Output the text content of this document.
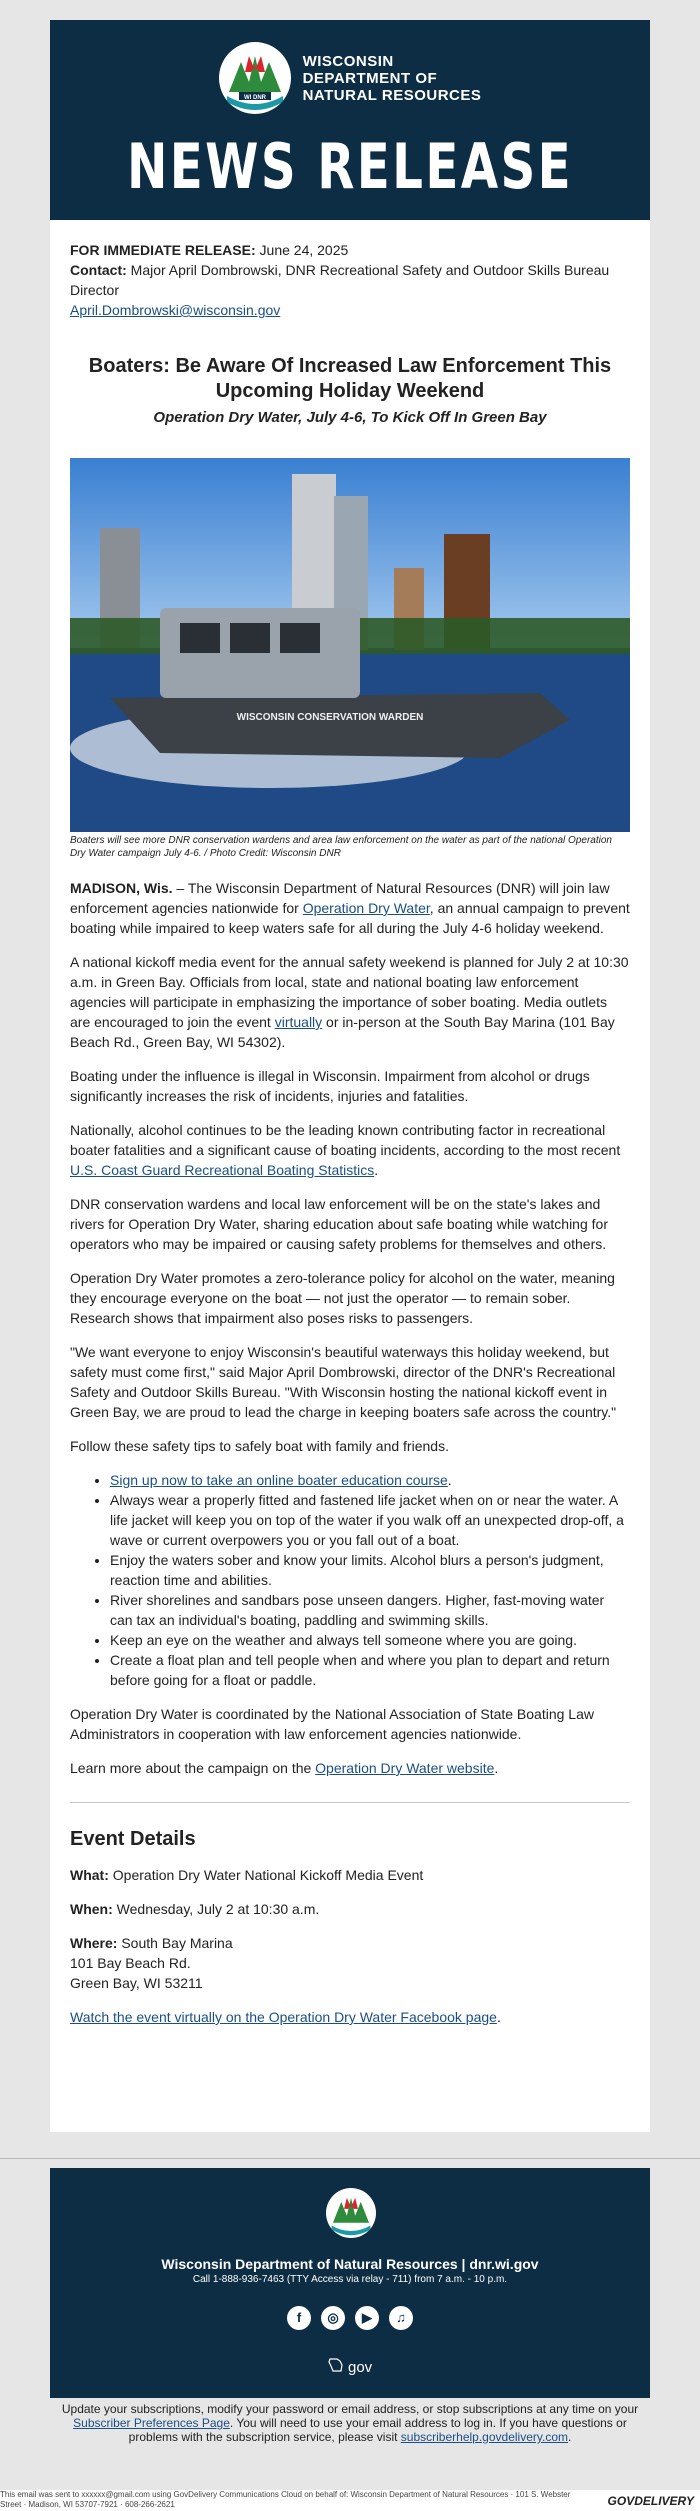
WI DNR
WISCONSIN
DEPARTMENT OF
NATURAL RESOURCES
NEWS RELEASE
FOR IMMEDIATE RELEASE: June 24, 2025
Contact: Major April Dombrowski, DNR Recreational Safety and Outdoor Skills Bureau Director
April.Dombrowski@wisconsin.gov
Boaters: Be Aware Of Increased Law Enforcement This Upcoming Holiday Weekend
Operation Dry Water, July 4-6, To Kick Off In Green Bay
WISCONSIN CONSERVATION WARDEN
Boaters will see more DNR conservation wardens and area law enforcement on the water as part of the national Operation Dry Water campaign July 4-6. / Photo Credit: Wisconsin DNR

MADISON, Wis. – The Wisconsin Department of Natural Resources (DNR) will join law enforcement agencies nationwide for Operation Dry Water, an annual campaign to prevent boating while impaired to keep waters safe for all during the July 4-6 holiday weekend.

A national kickoff media event for the annual safety weekend is planned for July 2 at 10:30 a.m. in Green Bay. Officials from local, state and national boating law enforcement agencies will participate in emphasizing the importance of sober boating. Media outlets are encouraged to join the event virtually or in-person at the South Bay Marina (101 Bay Beach Rd., Green Bay, WI 54302).

Boating under the influence is illegal in Wisconsin. Impairment from alcohol or drugs significantly increases the risk of incidents, injuries and fatalities.

Nationally, alcohol continues to be the leading known contributing factor in recreational boater fatalities and a significant cause of boating incidents, according to the most recent U.S. Coast Guard Recreational Boating Statistics.

DNR conservation wardens and local law enforcement will be on the state's lakes and rivers for Operation Dry Water, sharing education about safe boating while watching for operators who may be impaired or causing safety problems for themselves and others.

Operation Dry Water promotes a zero-tolerance policy for alcohol on the water, meaning they encourage everyone on the boat — not just the operator — to remain sober. Research shows that impairment also poses risks to passengers.

"We want everyone to enjoy Wisconsin's beautiful waterways this holiday weekend, but safety must come first," said Major April Dombrowski, director of the DNR's Recreational Safety and Outdoor Skills Bureau. "With Wisconsin hosting the national kickoff event in Green Bay, we are proud to lead the charge in keeping boaters safe across the country."

Follow these safety tips to safely boat with family and friends.

• Sign up now to take an online boater education course.
• Always wear a properly fitted and fastened life jacket when on or near the water. A life jacket will keep you on top of the water if you walk off an unexpected drop-off, a wave or current overpowers you or you fall out of a boat.
• Enjoy the waters sober and know your limits. Alcohol blurs a person's judgment, reaction time and abilities.
• River shorelines and sandbars pose unseen dangers. Higher, fast-moving water can tax an individual's boating, paddling and swimming skills.
• Keep an eye on the weather and always tell someone where you are going.
• Create a float plan and tell people when and where you plan to depart and return before going for a float or paddle.

Operation Dry Water is coordinated by the National Association of State Boating Law Administrators in cooperation with law enforcement agencies nationwide.

Learn more about the campaign on the Operation Dry Water website.

Event Details

What: Operation Dry Water National Kickoff Media Event

When: Wednesday, July 2 at 10:30 a.m.

Where: South Bay Marina
101 Bay Beach Rd.
Green Bay, WI 53211

Watch the event virtually on the Operation Dry Water Facebook page.

Wisconsin Department of Natural Resources | dnr.wi.gov
Call 1-888-936-7463 (TTY Access via relay - 711) from 7 a.m. - 10 p.m.
f	◎	▶	♫
gov
Update your subscriptions, modify your password or email address, or stop subscriptions at any time on your Subscriber Preferences Page. You will need to use your email address to log in. If you have questions or problems with the subscription service, please visit subscriberhelp.govdelivery.com.
This email was sent to xxxxxx@gmail.com using GovDelivery Communications Cloud on behalf of: Wisconsin Department of Natural Resources · 101 S. Webster Street · Madison, WI 53707-7921 · 608-266-2621	GOVDELIVERY
